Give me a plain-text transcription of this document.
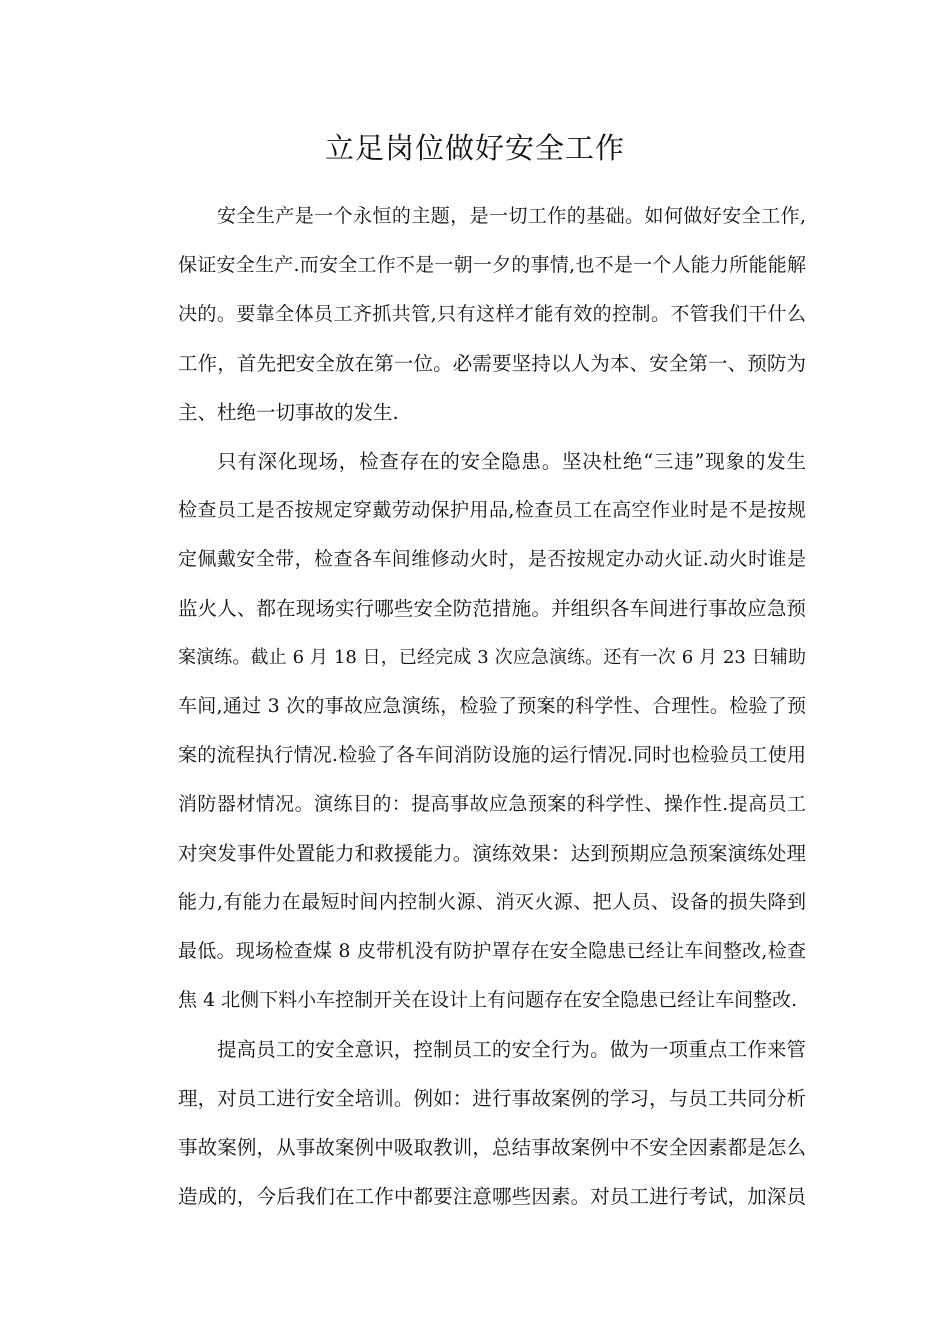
立足岗位做好安全工作
安全生产是一个永恒的主题，是一切工作的基础。如何做好安全工作,
保证安全生产.而安全工作不是一朝一夕的事情,也不是一个人能力所能能解
决的。要靠全体员工齐抓共管,只有这样才能有效的控制。不管我们干什么
工作，首先把安全放在第一位。必需要坚持以人为本、安全第一、预防为
主、杜绝一切事故的发生.
只有深化现场，检查存在的安全隐患。坚决杜绝“三违”现象的发生
检查员工是否按规定穿戴劳动保护用品,检查员工在高空作业时是不是按规
定佩戴安全带，检查各车间维修动火时，是否按规定办动火证.动火时谁是
监火人、都在现场实行哪些安全防范措施。并组织各车间进行事故应急预
案演练。截止 6 月 18 日，已经完成 3 次应急演练。还有一次 6 月 23 日辅助
车间,通过 3 次的事故应急演练，检验了预案的科学性、合理性。检验了预
案的流程执行情况.检验了各车间消防设施的运行情况.同时也检验员工使用
消防器材情况。演练目的：提高事故应急预案的科学性、操作性.提高员工
对突发事件处置能力和救援能力。演练效果：达到预期应急预案演练处理
能力,有能力在最短时间内控制火源、消灭火源、把人员、设备的损失降到
最低。现场检查煤 8 皮带机没有防护罩存在安全隐患已经让车间整改,检查
焦 4 北侧下料小车控制开关在设计上有问题存在安全隐患已经让车间整改.
提高员工的安全意识，控制员工的安全行为。做为一项重点工作来管
理，对员工进行安全培训。例如：进行事故案例的学习，与员工共同分析
事故案例，从事故案例中吸取教训，总结事故案例中不安全因素都是怎么
造成的，今后我们在工作中都要注意哪些因素。对员工进行考试，加深员
